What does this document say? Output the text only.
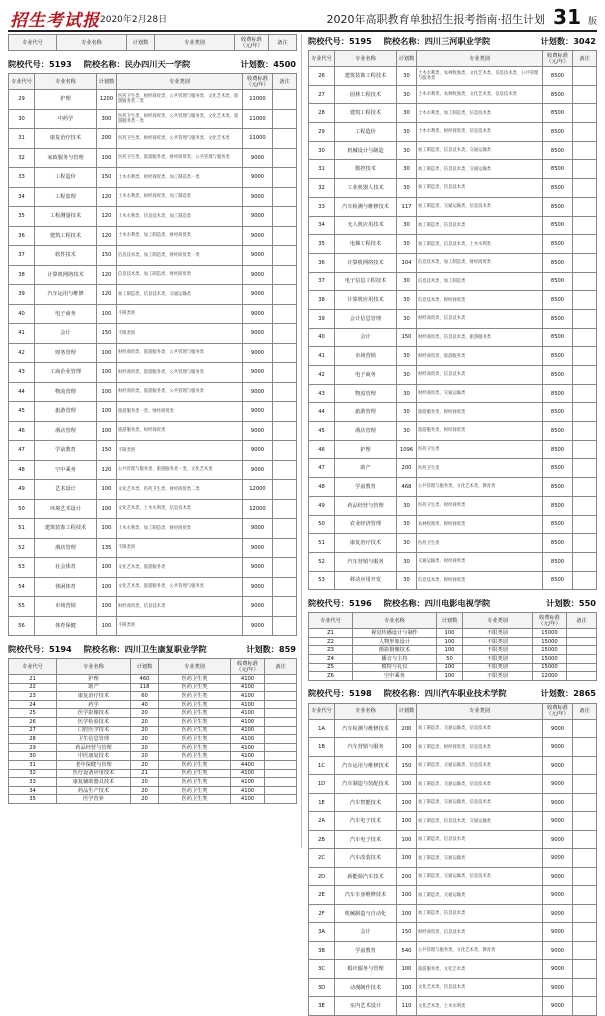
招生考试报 2020年2月28日	2020年高职教育单独招生报考指南·招生计划 31 版
专业代号	专业名称	计划数	专业类别	收费标准（元/年）	备注
院校代号：5193 院校名称：民办四川天一学院	计划数：4500
专业代号	专业名称	计划数	专业类别	收费标准（元/年）	备注
29	护理	1200	医药卫生类、财经商贸类、公共管理与服务类、文化艺术类、旅游服务类二类	11000	
30	中药学	300	医药卫生类、财经商贸类、公共管理与服务类、文化艺术类、旅游服务类一类	11000	
31	康复治疗技术	200	医药卫生类、财经商贸类、公共管理与服务类、文化艺术类	11000	
32	家政服务与管理	100	医药卫生类、旅游服务类、财经商贸类、公共管理与服务类	9000	
33	工程造价	150	土木水利类、财经商贸类、加工制造类一类	9000	
34	工程监理	120	土木水利类、财经商贸类、加工制造类	9000	
35	工程测量技术	120	土木水利类、信息技术类、加工制造类	9000	
36	建筑工程技术	120	土木水利类、加工制造类、财经商贸类	9000	
37	软件技术	150	信息技术类、加工制造类、财经商贸类一类	9000	
38	计算机网络技术	120	信息技术类、加工制造类、财经商贸类	9000	
39	汽车运用与维修	120	加工制造类、信息技术类、交通运输类	9000	
40	电子商务	100	不限类别	9000	
41	会计	150	不限类别	9000	
42	财务管理	100	财经商贸类、旅游服务类、公共管理与服务类	9000	
43	工商企业管理	100	财经商贸类、旅游服务类、公共管理与服务类	9000	
44	物流管理	100	财经商贸类、旅游服务类、公共管理与服务类	9000	
45	旅游管理	100	旅游服务类一类、财经商贸类	9000	
46	酒店管理	100	旅游服务类、财经商贸类	9000	
47	学前教育	150	不限类别	9000	
48	空中乘务	120	公共管理与服务类、旅游服务类一类、文化艺术类	9000	
49	艺术设计	100	文化艺术类、医药卫生类、财经商贸类二类	12000	
50	环境艺术设计	100	文化艺术类、土木水利类、信息技术类	12000	
51	建筑装饰工程技术	100	土木水利类、加工制造类、财经商贸类	9000	
52	酒店管理	135	不限类别	9000	
53	社会体育	100	文化艺术类、旅游服务类	9000	
54	休闲体育	100	文化艺术类、旅游服务类、公共管理与服务类	9000	
55	市场营销	100	财经商贸类、信息技术类	9000	
56	体育保健	100	不限类别	9000	
院校代号：5194 院校名称：四川卫生康复职业学院	计划数：859
专业代号	专业名称	计划数	专业类别	收费标准（元/年）	备注
21	护理	460	医药卫生类	4100	
22	助产	118	医药卫生类	4100	
23	康复治疗技术	60	医药卫生类	4100	
24	药学	40	医药卫生类	4100	
25	医学影像技术	20	医药卫生类	4100	
26	医学检验技术	20	医药卫生类	4100	
27	口腔医学技术	20	医药卫生类	4100	
28	卫生信息管理	20	医药卫生类	4100	
29	药品经营与管理	20	医药卫生类	4100	
30	中医康复技术	20	医药卫生类	4100	
31	老年保健与管理	20	医药卫生类	4400	
32	医疗设备应用技术	21	医药卫生类	4100	
33	康复辅助器具技术	20	医药卫生类	4100	
34	药品生产技术	20	医药卫生类	4100	
35	医学营养	20	医药卫生类	4100	
院校代号：5195 院校名称：四川三河职业学院	计划数：3042
专业代号	专业名称	计划数	专业类别	收费标准（元/年）	备注
26	建筑装饰工程技术	30	土木水利类、农林牧渔类、文化艺术类、信息技术类、公共管理与服务类	8500	
27	园林工程技术	30	土木水利类、农林牧渔类、文化艺术类、信息技术类	8500	
28	建筑工程技术	30	土木水利类、加工制造类、信息技术类	8500	
29	工程造价	30	土木水利类、财经商贸类、信息技术类	8500	
30	机械设计与制造	30	加工制造类、信息技术类、交通运输类	8500	
31	数控技术	30	加工制造类、信息技术类、交通运输类	8500	
32	工业机器人技术	30	加工制造类、信息技术类	8500	
33	汽车检测与维修技术	117	加工制造类、交通运输类、信息技术类	8500	
34	无人机应用技术	30	加工制造类、信息技术类	8500	
35	电梯工程技术	30	加工制造类、信息技术类、土木水利类	8500	
36	计算机网络技术	104	信息技术类、加工制造类、财经商贸类	8500	
37	电子信息工程技术	30	信息技术类、加工制造类	8500	
38	计算机应用技术	30	信息技术类、财经商贸类	8500	
39	会计信息管理	30	财经商贸类、信息技术类	8500	
40	会计	150	财经商贸类、信息技术类、旅游服务类	8500	
41	市场营销	30	财经商贸类、旅游服务类	8500	
42	电子商务	30	财经商贸类、信息技术类	8500	
43	物流管理	30	财经商贸类、交通运输类	8500	
44	旅游管理	30	旅游服务类、财经商贸类	8500	
45	酒店管理	30	旅游服务类、财经商贸类	8500	
46	护理	1096	医药卫生类	8500	
47	助产	200	医药卫生类	8500	
48	学前教育	468	公共管理与服务类、文化艺术类、教育类	8500	
49	药品经营与管理	30	医药卫生类、财经商贸类	8500	
50	农业经济管理	30	农林牧渔类、财经商贸类	8500	
51	康复治疗技术	30	医药卫生类	8500	
52	汽车营销与服务	30	交通运输类、财经商贸类	8500	
53	移动应用开发	30	信息技术类、财经商贸类	8500	
院校代号：5196 院校名称：四川电影电视学院	计划数：550
专业代号	专业名称	计划数	专业类别	收费标准（元/年）	备注
Z1	视觉传播设计与制作	100	不限类别	15000	
Z2	人物形象设计	100	不限类别	15000	
Z3	摄影摄像技术	100	不限类别	15000	
Z4	播音与主持	50	不限类别	15000	
Z5	模特与礼仪	100	不限类别	15000	
Z6	空中乘务	100	不限类别	12000	
院校代号：5198 院校名称：四川汽车职业技术学院	计划数：2865
专业代号	专业名称	计划数	专业类别	收费标准（元/年）	备注
1A	汽车检测与维修技术	200	加工制造类、交通运输类、信息技术类	9000	
1B	汽车营销与服务	100	加工制造类、财经商贸类、信息技术类	9000	
1C	汽车运用与维修技术	150	加工制造类、交通运输类、信息技术类	9000	
1D	汽车制造与装配技术	100	加工制造类、交通运输类、信息技术类	9000	
1E	汽车智能技术	100	加工制造类、交通运输类、信息技术类	9000	
2A	汽车电子技术	100	加工制造类、信息技术类、交通运输类	9000	
2B	汽车电子技术	100	加工制造类、信息技术类	9000	
2C	汽车改装技术	100	加工制造类、交通运输类	9000	
2D	新能源汽车技术	200	加工制造类、交通运输类、信息技术类	9000	
2E	汽车车身维修技术	100	加工制造类、交通运输类	9000	
2F	机械制造与自动化	100	加工制造类、信息技术类	9000	
3A	会计	150	财经商贸类、信息技术类	9000	
3B	学前教育	540	公共管理与服务类、文化艺术类、教育类	9000	
3C	婚庆服务与管理	100	旅游服务类、文化艺术类	9000	
3D	动漫制作技术	100	文化艺术类、信息技术类	9000	
3E	室内艺术设计	110	文化艺术类、土木水利类	9000	
